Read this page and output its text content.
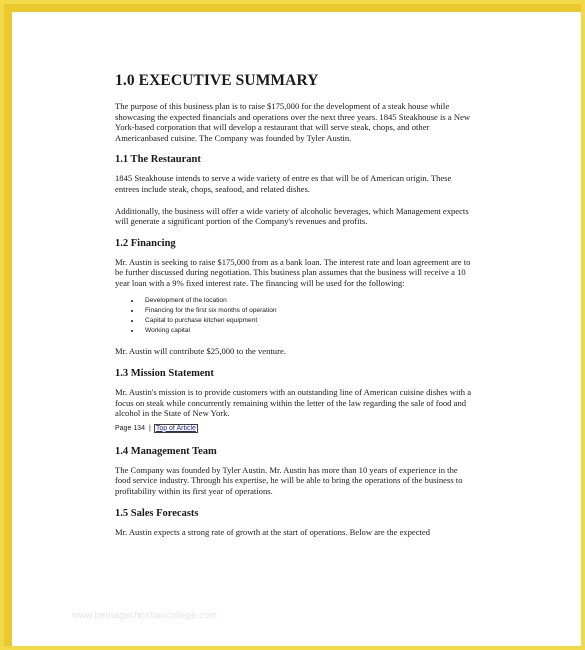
1.0 EXECUTIVE SUMMARY

The purpose of this business plan is to raise $175,000 for the development of a steak house while showcasing the expected financials and operations over the next three years. 1845 Steakhouse is a New York-based corporation that will develop a restaurant that will serve steak, chops, and other Americanbased cuisine. The Company was founded by Tyler Austin.

1.1 The Restaurant

1845 Steakhouse intends to serve a wide variety of entre es that will be of American origin. These entrees include steak, chops, seafood, and related dishes.

Additionally, the business will offer a wide variety of alcoholic beverages, which Management expects will generate a significant portion of the Company's revenues and profits.

1.2 Financing

Mr. Austin is seeking to raise $175,000 from as a bank loan. The interest rate and loan agreement are to be further discussed during negotiation. This business plan assumes that the business will receive a 10 year loan with a 9% fixed interest rate. The financing will be used for the following:

• Development of the location
• Financing for the first six months of operation
• Capital to purchase kitchen equipment
• Working capital

Mr. Austin will contribute $25,000 to the venture.

1.3 Mission Statement

Mr. Austin's mission is to provide customers with an outstanding line of American cuisine dishes with a focus on steak while concurrently remaining within the letter of the law regarding the sale of food and alcohol in the State of New York.

Page 134 | Top of Article
1.4 Management Team

The Company was founded by Tyler Austin. Mr. Austin has more than 10 years of experience in the food service industry. Through his expertise, he will be able to bring the operations of the business to profitability within its first year of operations.

1.5 Sales Forecasts

Mr. Austin expects a strong rate of growth at the start of operations. Below are the expected

www.heritagechristiancollege.com
